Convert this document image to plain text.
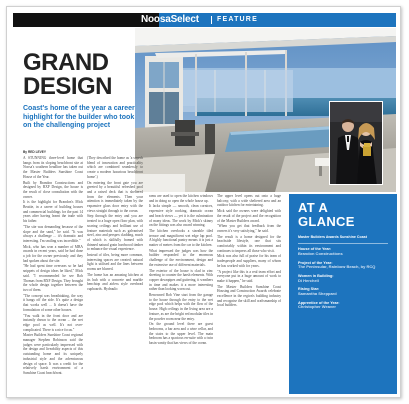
NoosaSelect	FEATURE
GRAND
DESIGN
Coast's home of the year a career highlight for the builder who took on the challenging project
By RED LEVEY

A STUNNING three-level home that hangs from its sloping beachfront site at Noosa's southern headline has taken out the Master Builders Sunshine Coast House of the Year.

Built by Brandon Constructions and designed by BXF Design, the house is the result of close consultation with the owner.

It is the highlight for Brandon's Mick Beattie, in a career of building houses and commercial buildings for the past 14 years after having learnt the trade with his father.

"The site was demanding because of the slope and the sand," he said. "It was always a challenge ... it's dramatic and interesting. I'm smiling was incredible."

Mick, who has won a number of MBA awards in recent years, said he had done a job for the owner previously and they had spoken about the site.

"He had spent time overseas so he had snippets of design ideas he liked," Mick said. "I recommended he see Rob Thomas from BXF Design. They brought the whole design together between the two of them.

"The concept was breathtaking, the way it hangs off the side. It's quite a design that works well ... It doesn't have the formulation of some other houses.

"You walk in the front door and are instantly drawn to the ocean ... the wet edge pool as well. It's not over-complicated. There is a nice focus."

Master Builders Sunshine Coast regional manager Stephen Robinson said the judges were particularly impressed with the design and liveability aspects of this outstanding home and its uniquely industrial style and the adventurous design of space. It was a credit for the relatively harsh environment of a Sunshine Coast beachfront.

(They described the home as 'a superb blend of innovation and practicality which are combined seamlessly to create a modern luxurious beachfront home'.)

On entering the front gate you are greeted by a beautiful refreshed pool and a raised deck that is sheltered from the elements. Then your attention is immediately taken by the expansive glass door entry with the views straight through to the ocean.

Step through the entry and you are treated to a huge open floor plan, with soaring ceilings and brilliant use of feature materials such as galvanised steel, zinc and perspex cladding, much of which is skilfully framed with thinned natural grain hardwood timber to enhance the visual experience.

Instead of tiles, being more common, interesting spaces are created; natural light is utilised and the lines between rooms are blurred.

The home has an amazing kitchen at its hub with a concrete and marble benchtop and airless style overhead cupboards. Hydraulic

rams are used to open the kitchen windows and in doing so open the whole house up.

It lacks simple — smooth, clean cornices, expensive style cooking, dramatic ocean and beach views — yet it is the culmination of many ideas. The work by Mick's skinny on the fittings was also award winning.

The kitchen overlooks a sizeable tiled terrace and magnificent wet edge lap pool. A highly functional pantry means it is just a matter of metres from the car to the kitchen.

What impressed the judges was how the builder responded to the enormous challenge of the environment, design and the extensive use of different materials.

The exterior of the house is clad in zinc sheeting to counter the harsh elements. With copper downpipes and guttering, it weathers in time and makes it a more interesting rather than looking worn out.

Renowned Rob Vine start from the garage to the house through the entry to the wet edge pool which helps with the flow of the house. High ceilings in the living area are a feature, as are the bright red modular tiles in the powder room near the entry.

On the ground level there are guest bedrooms, a bar area and a wine cellar, and the stairs to the upper level. The main bedroom has a spacious en-suite with a twin basin vanity that has views of the ocean.

The upper level opens out onto a huge balcony, with a wide sheltered area and an outdoor kitchen for entertaining.

Mick said the owners were delighted with the result of the project and the recognition of the Master Builders award.

"When you get that feedback from the owners it's very satisfying," he said.

The result is a home designed for the beachside lifestyle, one that sits comfortably within its environment and continues to impress all those who visit.

Mick was also full of praise for his team of tradespeople and suppliers, many of whom he has worked with for years.

"A project like this is a real team effort and everyone put in a huge amount of work to make it happen," he said.

The Master Builders Sunshine Coast Housing and Construction Awards celebrate excellence in the region's building industry and recognise the skill and craftsmanship of local builders.

AT A
GLANCE
Master Builders Awards Sunshine Coast
House of the Year:
Brandon Constructions
Project of the Year:
The Peninsular, Rainbow Beach, by RCQ
Women in Building:
Di Herchell
Rising Star:
Samantha Sheppard
Apprentice of the Year:
Christopher Weaver
